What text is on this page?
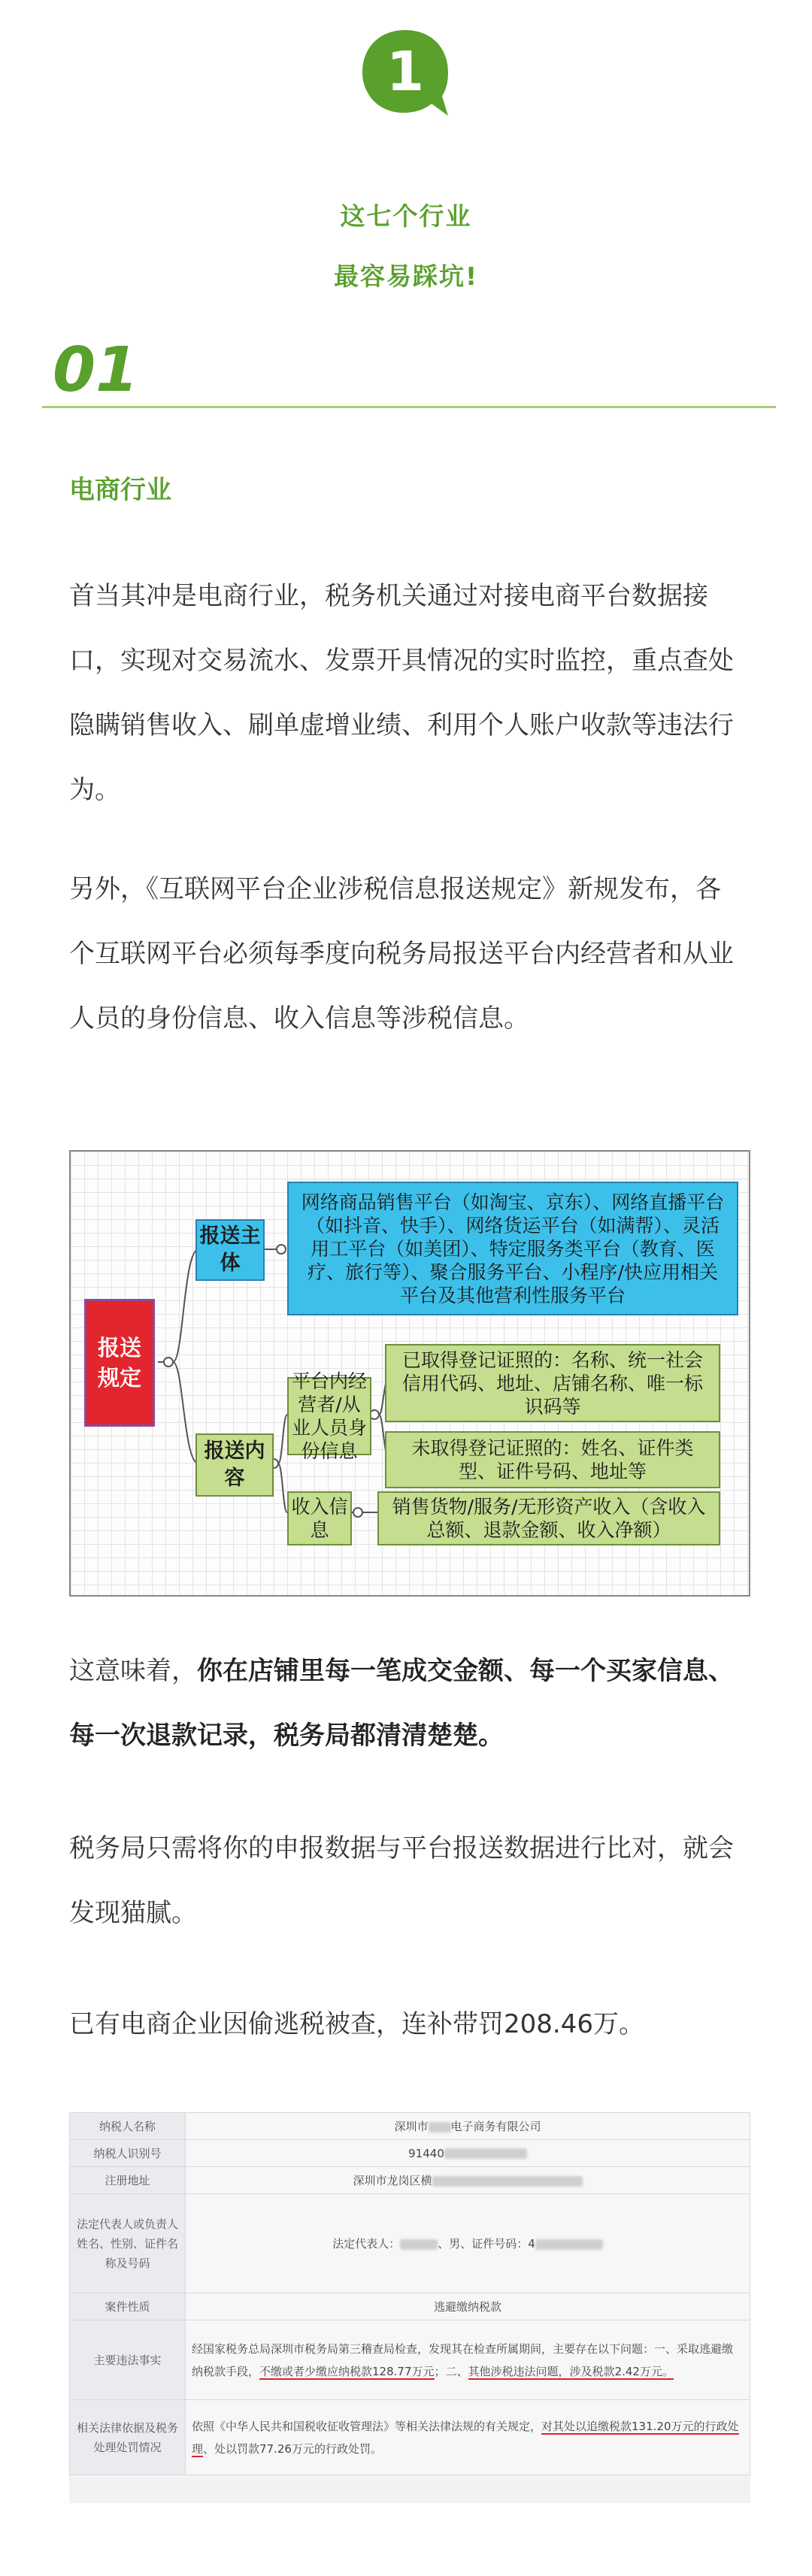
1
这七个行业
最容易踩坑!
01
电商行业

首当其冲是电商行业，税务机关通过对接电商平台数据接口，实现对交易流水、发票开具情况的实时监控，重点查处隐瞒销售收入、刷单虚增业绩、利用个人账户收款等违法行为。

另外，《互联网平台企业涉税信息报送规定》新规发布，各个互联网平台必须每季度向税务局报送平台内经营者和从业人员的身份信息、收入信息等涉税信息。

报送规定
报送主体
网络商品销售平台（如淘宝、京东）、网络直播平台（如抖音、快手）、网络货运平台（如满帮）、灵活用工平台（如美团）、特定服务类平台（教育、医疗、旅行等）、聚合服务平台、小程序/快应用相关平台及其他营利性服务平台
报送内容
平台内经营者/从业人员身份信息
已取得登记证照的：名称、统一社会信用代码、地址、店铺名称、唯一标识码等
未取得登记证照的：姓名、证件类型、证件号码、地址等
收入信息
销售货物/服务/无形资产收入（含收入总额、退款金额、收入净额）

这意味着，你在店铺里每一笔成交金额、每一个买家信息、每一次退款记录，税务局都清清楚楚。

税务局只需将你的申报数据与平台报送数据进行比对，就会发现猫腻。

已有电商企业因偷逃税被查，连补带罚208.46万。

纳税人名称	深圳市 电子商务有限公司
纳税人识别号	91440
注册地址	深圳市龙岗区横
法定代表人或负责人姓名、性别、证件名称及号码	法定代表人： 、男、证件号码：4
案件性质	逃避缴纳税款
主要违法事实	经国家税务总局深圳市税务局第三稽查局检查，发现其在检查所属期间，主要存在以下问题：一、采取逃避缴纳税款手段，不缴或者少缴应纳税款128.77万元；二、其他涉税违法问题，涉及税款2.42万元。
相关法律依据及税务处理处罚情况	依照《中华人民共和国税收征收管理法》等相关法律法规的有关规定，对其处以追缴税款131.20万元的行政处理、处以罚款77.26万元的行政处罚。
